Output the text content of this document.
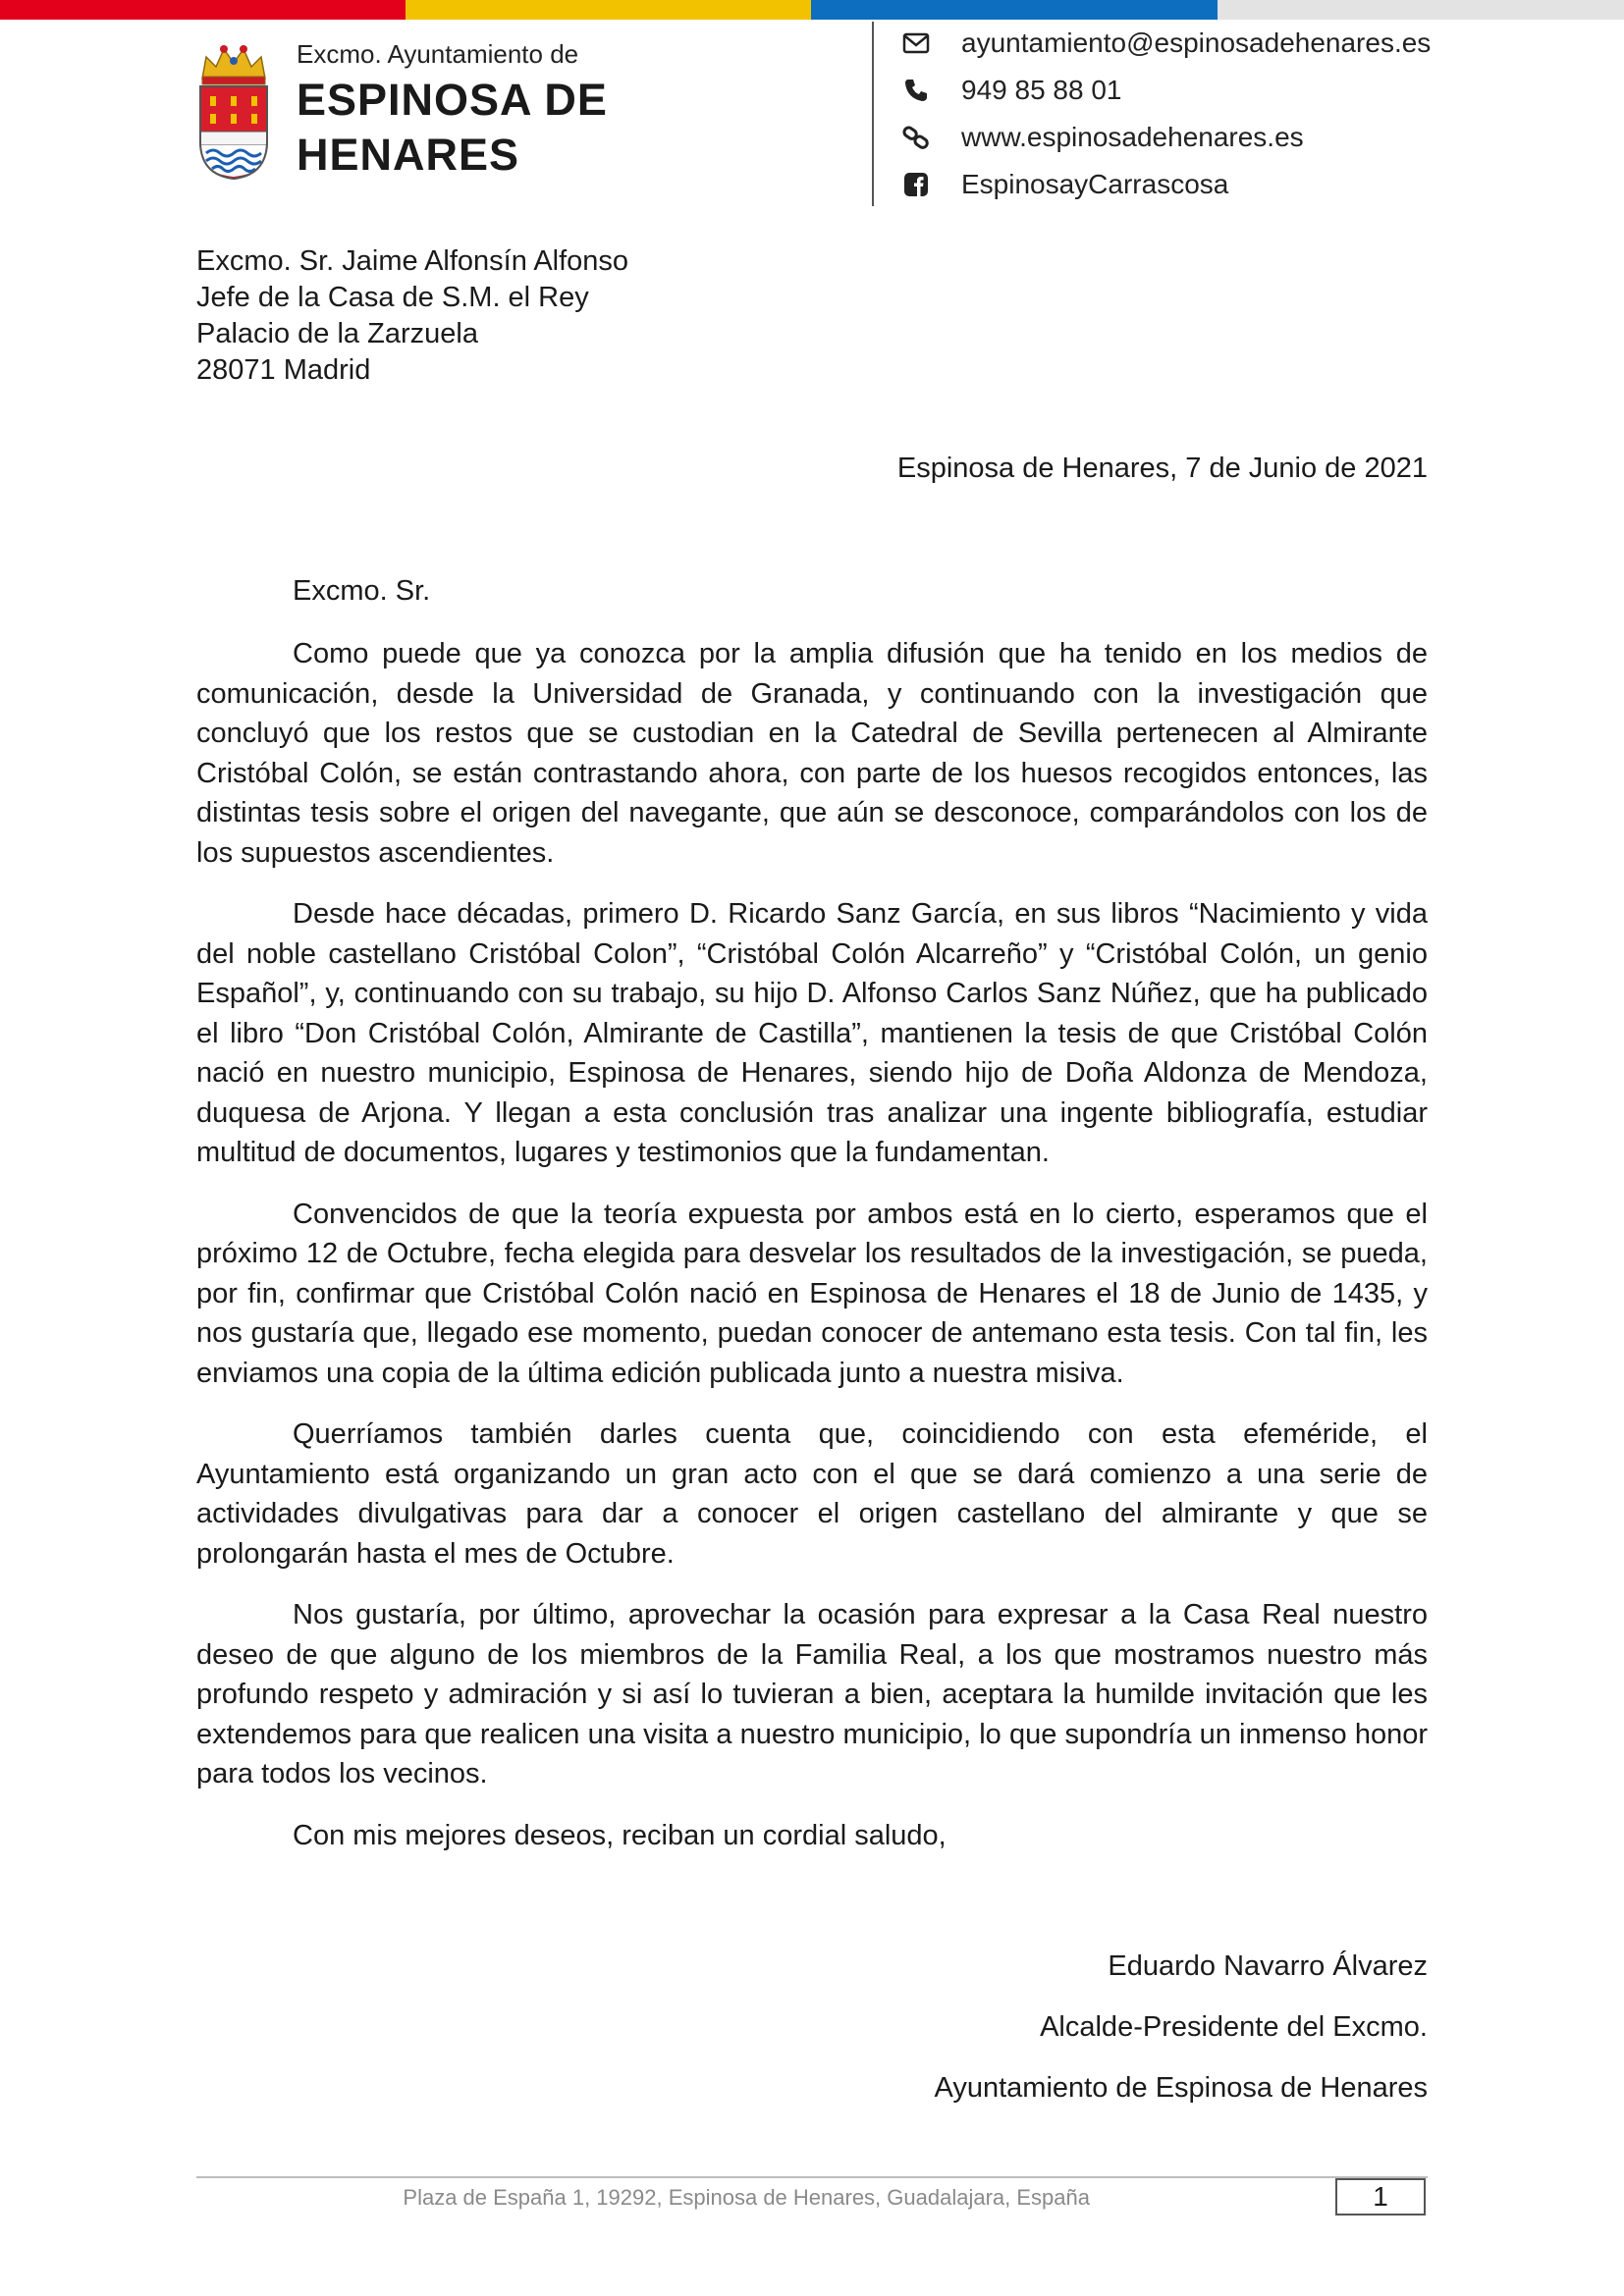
Excmo. Ayuntamiento de
ESPINOSA DE
HENARES
ayuntamiento@espinosadehenares.es
949 85 88 01
www.espinosadehenares.es
EspinosayCarrascosa
Excmo. Sr. Jaime Alfonsín Alfonso
Jefe de la Casa de S.M. el Rey
Palacio de la Zarzuela
28071 Madrid
Espinosa de Henares, 7 de Junio de 2021
Excmo. Sr.

Como puede que ya conozca por la amplia difusión que ha tenido en los medios de comunicación, desde la Universidad de Granada, y continuando con la investigación que concluyó que los restos que se custodian en la Catedral de Sevilla pertenecen al Almirante Cristóbal Colón, se están contrastando ahora, con parte de los huesos recogidos entonces, las distintas tesis sobre el origen del navegante, que aún se desconoce, comparándolos con los de los supuestos ascendientes.

Desde hace décadas, primero D. Ricardo Sanz García, en sus libros “Nacimiento y vida del noble castellano Cristóbal Colon”, “Cristóbal Colón Alcarreño” y “Cristóbal Colón, un genio Español”, y, continuando con su trabajo, su hijo D. Alfonso Carlos Sanz Núñez, que ha publicado el libro “Don Cristóbal Colón, Almirante de Castilla”, mantienen la tesis de que Cristóbal Colón nació en nuestro municipio, Espinosa de Henares, siendo hijo de Doña Aldonza de Mendoza, duquesa de Arjona. Y llegan a esta conclusión tras analizar una ingente bibliografía, estudiar multitud de documentos, lugares y testimonios que la fundamentan.

Convencidos de que la teoría expuesta por ambos está en lo cierto, esperamos que el próximo 12 de Octubre, fecha elegida para desvelar los resultados de la investigación, se pueda, por fin, confirmar que Cristóbal Colón nació en Espinosa de Henares el 18 de Junio de 1435, y nos gustaría que, llegado ese momento, puedan conocer de antemano esta tesis. Con tal fin, les enviamos una copia de la última edición publicada junto a nuestra misiva.

Querríamos también darles cuenta que, coincidiendo con esta efeméride, el Ayuntamiento está organizando un gran acto con el que se dará comienzo a una serie de actividades divulgativas para dar a conocer el origen castellano del almirante y que se prolongarán hasta el mes de Octubre.

Nos gustaría, por último, aprovechar la ocasión para expresar a la Casa Real nuestro deseo de que alguno de los miembros de la Familia Real, a los que mostramos nuestro más profundo respeto y admiración y si así lo tuvieran a bien, aceptara la humilde invitación que les extendemos para que realicen una visita a nuestro municipio, lo que supondría un inmenso honor para todos los vecinos.

Con mis mejores deseos, reciban un cordial saludo,

Eduardo Navarro Álvarez
Alcalde-Presidente del Excmo.
Ayuntamiento de Espinosa de Henares
Plaza de España 1, 19292, Espinosa de Henares, Guadalajara, España	1
